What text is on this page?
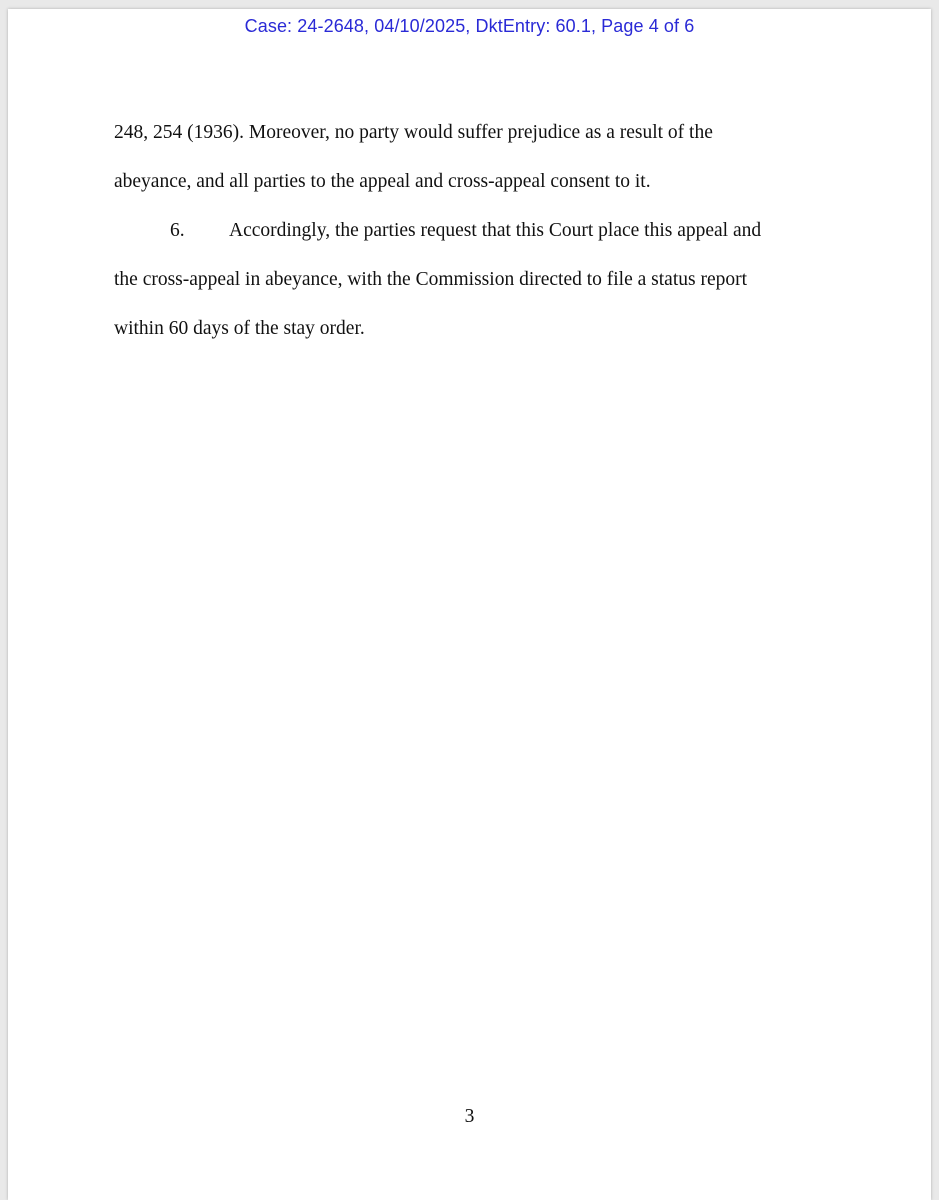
Case: 24-2648, 04/10/2025, DktEntry: 60.1, Page 4 of 6
248, 254 (1936). Moreover, no party would suffer prejudice as a result of the
abeyance, and all parties to the appeal and cross-appeal consent to it.
6. Accordingly, the parties request that this Court place this appeal and
the cross-appeal in abeyance, with the Commission directed to file a status report
within 60 days of the stay order.
3
